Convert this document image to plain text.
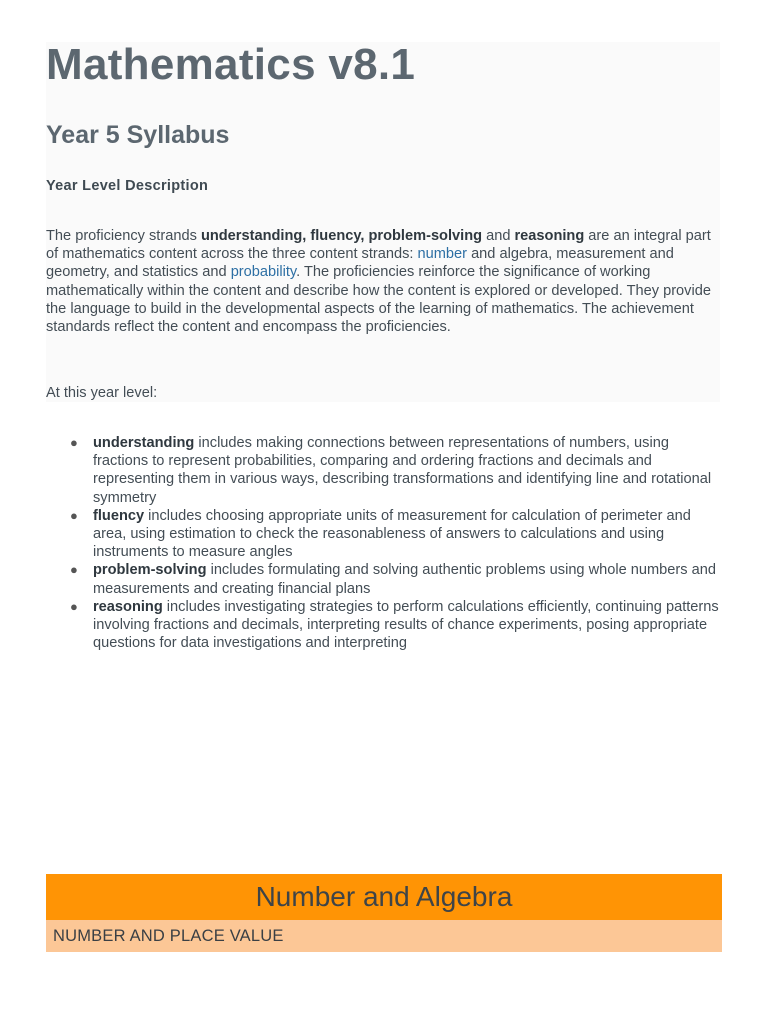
Mathematics v8.1
Year 5 Syllabus
Year Level Description

The proficiency strands understanding, fluency, problem-solving and reasoning are an integral part of mathematics content across the three content strands: number and algebra, measurement and geometry, and statistics and probability. The proficiencies reinforce the significance of working mathematically within the content and describe how the content is explored or developed. They provide the language to build in the developmental aspects of the learning of mathematics. The achievement standards reflect the content and encompass the proficiencies.

At this year level:

● understanding includes making connections between representations of numbers, using fractions to represent probabilities, comparing and ordering fractions and decimals and representing them in various ways, describing transformations and identifying line and rotational symmetry
● fluency includes choosing appropriate units of measurement for calculation of perimeter and area, using estimation to check the reasonableness of answers to calculations and using instruments to measure angles
● problem-solving includes formulating and solving authentic problems using whole numbers and measurements and creating financial plans
● reasoning includes investigating strategies to perform calculations efficiently, continuing patterns involving fractions and decimals, interpreting results of chance experiments, posing appropriate questions for data investigations and interpreting
Number and Algebra
NUMBER AND PLACE VALUE
